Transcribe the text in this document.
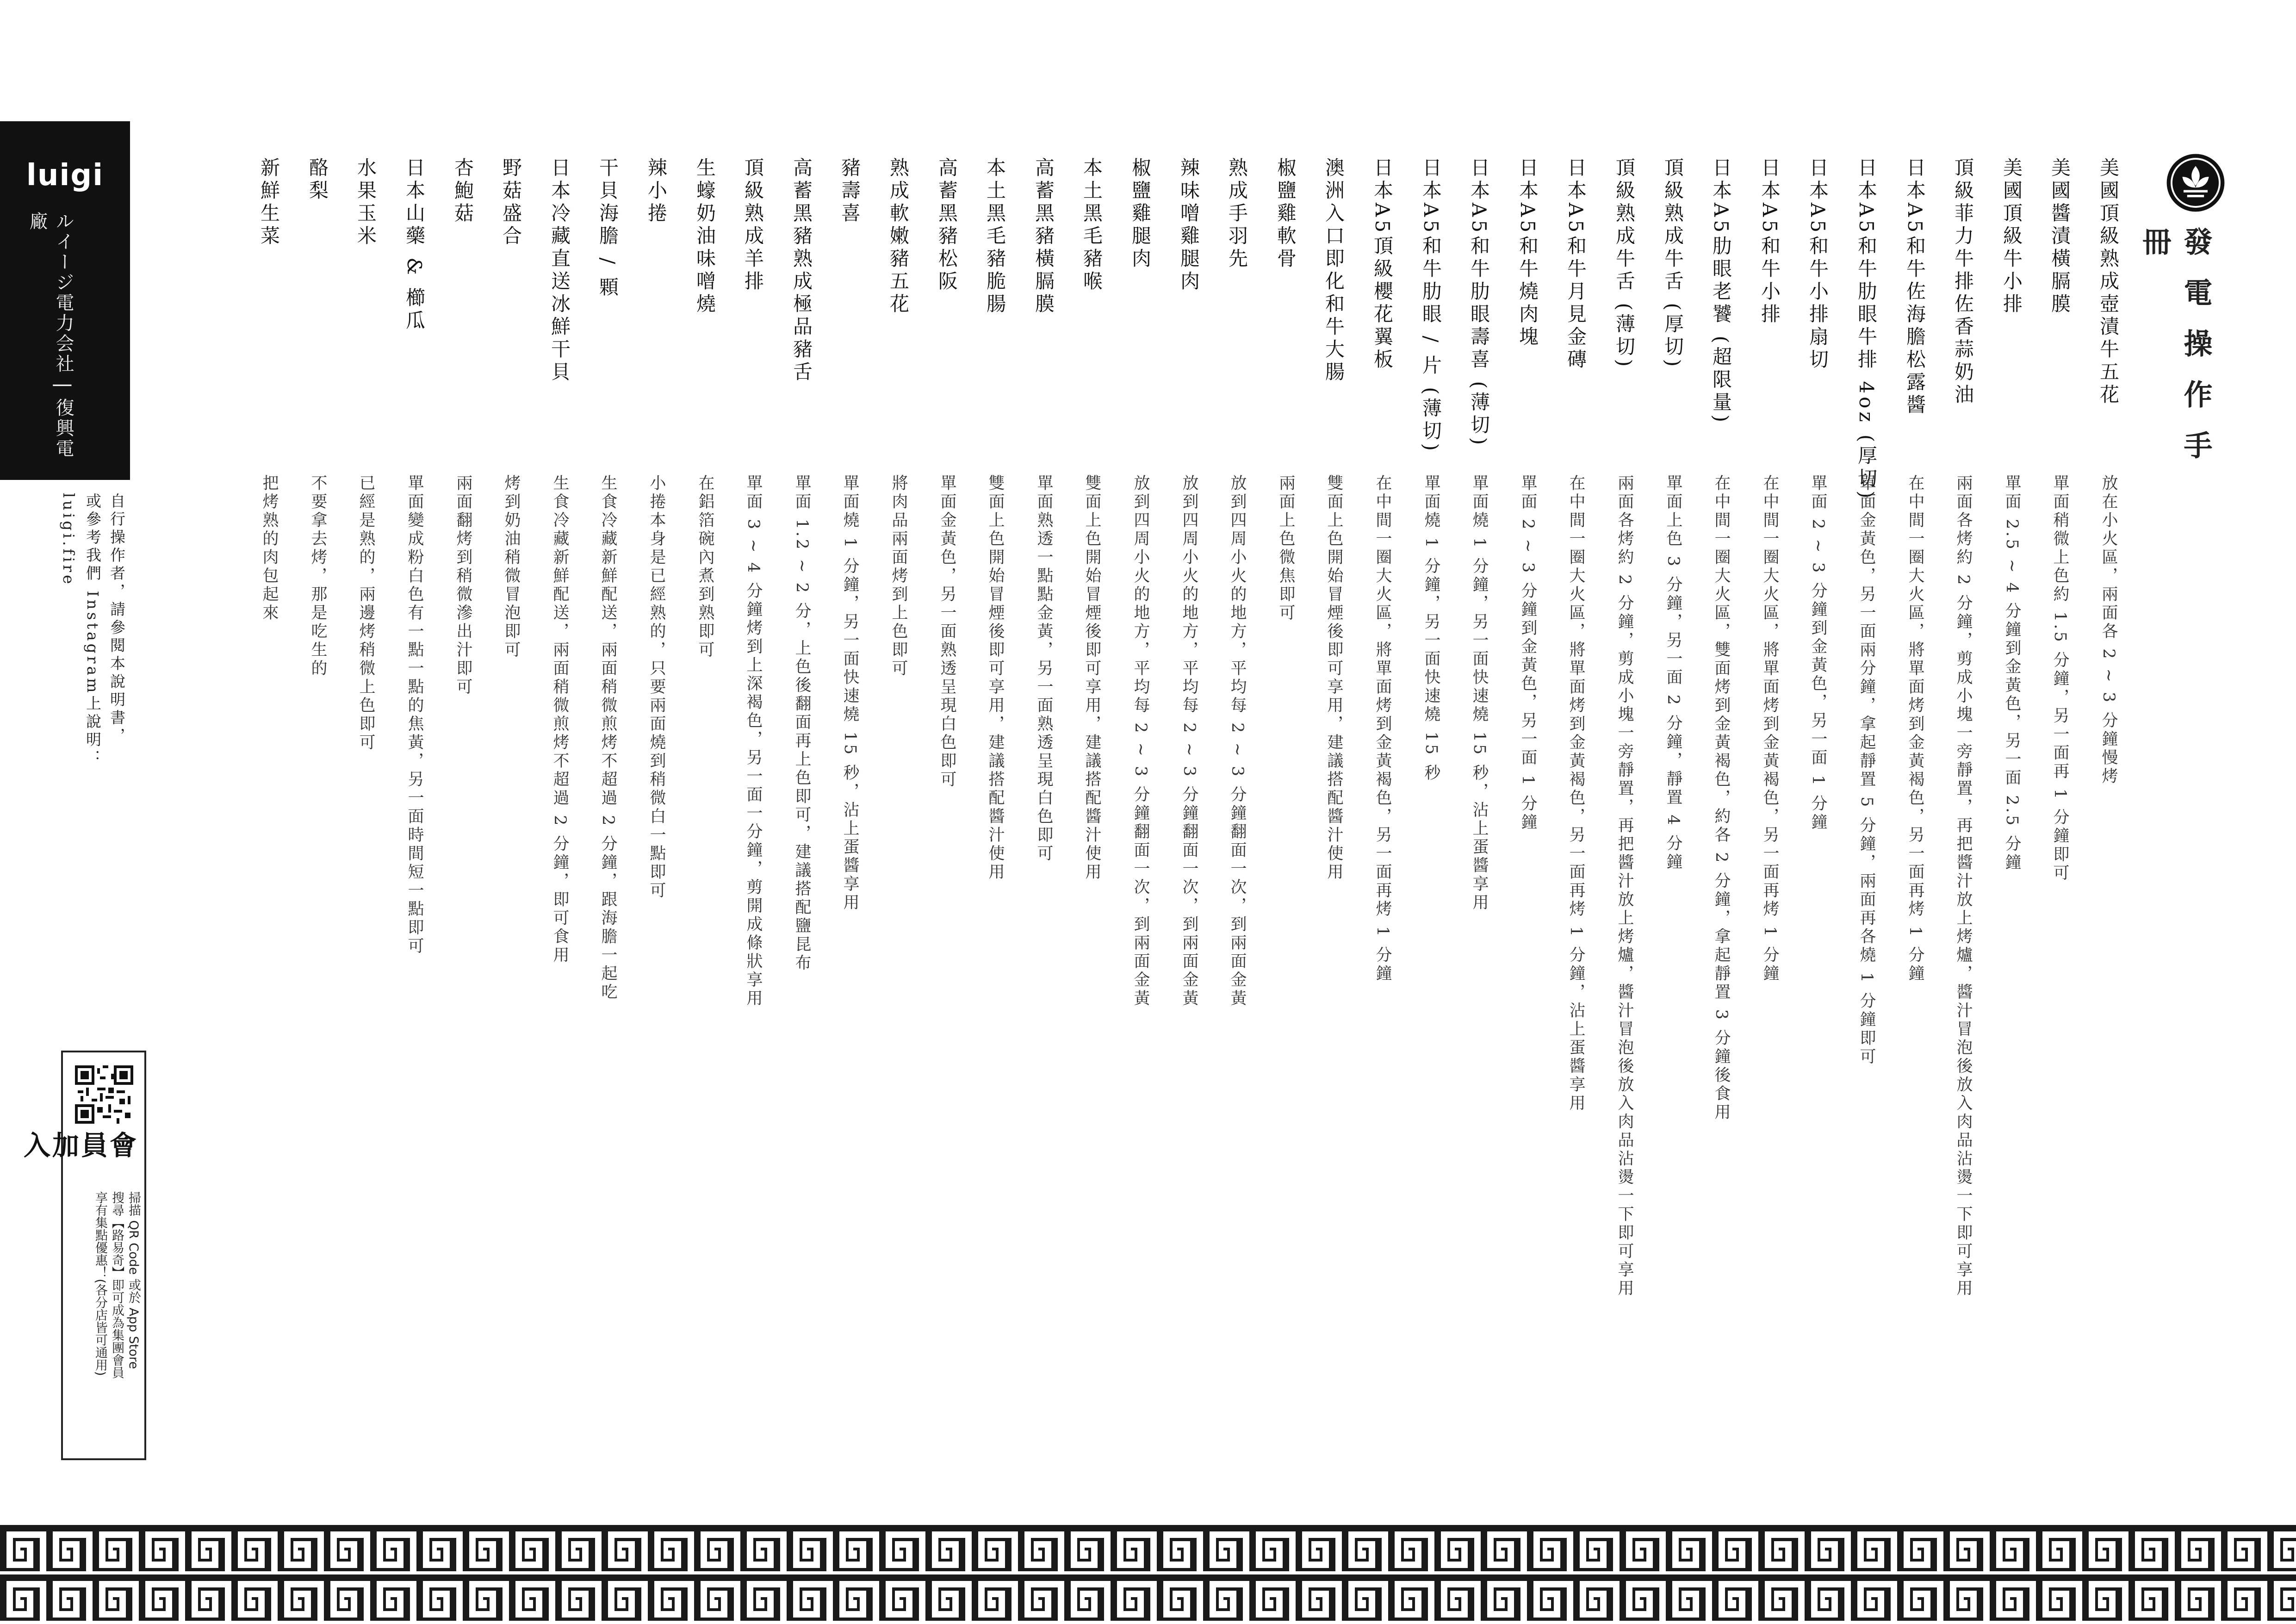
luigi
ルイージ電力会社 | 復興電廠
自行操作者，請參閱本說明書，
或參考我們 Instagram上說明：luigi.fire
會員
加入
掃描 QR Code 或於 App Store
搜尋【路易奇】即可成為集團會員
享有集點優惠！(各分店皆可通用)
發電操作手冊
美國頂級熟成壺漬牛五花
放在小火區，兩面各 2 ~ 3 分鐘慢烤
美國醬漬橫膈膜
單面稍微上色約 1.5 分鐘，另一面再 1 分鐘即可
美國頂級牛小排
單面 2.5 ~ 4 分鐘到金黃色，另一面 2.5 分鐘
頂級菲力牛排佐香蒜奶油
兩面各烤約 2 分鐘，剪成小塊一旁靜置，再把醬汁放上烤爐，醬汁冒泡後放入肉品沾燙一下即可享用
日本A5和牛佐海膽松露醬
在中間一圈大火區，將單面烤到金黃褐色，另一面再烤 1 分鐘
日本A5和牛肋眼牛排 4oz (厚切)
單面金黃色，另一面兩分鐘，拿起靜置 5 分鐘，兩面再各燒 1 分鐘即可
日本A5和牛小排扇切
單面 2 ~ 3 分鐘到金黃色，另一面 1 分鐘
日本A5和牛小排
在中間一圈大火區，將單面烤到金黃褐色，另一面再烤 1 分鐘
日本A5肋眼老饕 (超限量)
在中間一圈大火區，雙面烤到金黃褐色，約各 2 分鐘，拿起靜置 3 分鐘後食用
頂級熟成牛舌 (厚切)
單面上色 3 分鐘，另一面 2 分鐘，靜置 4 分鐘
頂級熟成牛舌 (薄切)
兩面各烤約 2 分鐘，剪成小塊一旁靜置，再把醬汁放上烤爐，醬汁冒泡後放入肉品沾燙一下即可享用
日本A5和牛月見金磚
在中間一圈大火區，將單面烤到金黃褐色，另一面再烤 1 分鐘，沾上蛋醬享用
日本A5和牛燒肉塊
單面 2 ~ 3 分鐘到金黃色，另一面 1 分鐘
日本A5和牛肋眼壽喜 (薄切)
單面燒 1 分鐘，另一面快速燒 15 秒，沾上蛋醬享用
日本A5和牛肋眼 / 片 (薄切)
單面燒 1 分鐘，另一面快速燒 15 秒
日本A5頂級櫻花翼板
在中間一圈大火區，將單面烤到金黃褐色，另一面再烤 1 分鐘
澳洲入口即化和牛大腸
雙面上色開始冒煙後即可享用，建議搭配醬汁使用
椒鹽雞軟骨
兩面上色微焦即可
熟成手羽先
放到四周小火的地方，平均每 2 ~ 3 分鐘翻面一次，到兩面金黃
辣味噌雞腿肉
放到四周小火的地方，平均每 2 ~ 3 分鐘翻面一次，到兩面金黃
椒鹽雞腿肉
放到四周小火的地方，平均每 2 ~ 3 分鐘翻面一次，到兩面金黃
本土黑毛豬喉
雙面上色開始冒煙後即可享用，建議搭配醬汁使用
高蓄黑豬橫膈膜
單面熟透一點點金黃，另一面熟透呈現白色即可
本土黑毛豬脆腸
雙面上色開始冒煙後即可享用，建議搭配醬汁使用
高蓄黑豬松阪
單面金黃色，另一面熟透呈現白色即可
熟成軟嫩豬五花
將肉品兩面烤到上色即可
豬壽喜
單面燒 1 分鐘，另一面快速燒 15 秒，沾上蛋醬享用
高蓄黑豬熟成極品豬舌
單面 1.2 ~ 2 分，上色後翻面再上色即可，建議搭配鹽昆布
頂級熟成羊排
單面 3 ~ 4 分鐘烤到上深褐色，另一面一分鐘，剪開成條狀享用
生蠔奶油味噌燒
在鋁箔碗內煮到熟即可
辣小捲
小捲本身是已經熟的，只要兩面燒到稍微白一點即可
干貝海膽 / 顆
生食冷藏新鮮配送，兩面稍微煎烤不超過 2 分鐘，跟海膽一起吃
日本冷藏直送冰鮮干貝
生食冷藏新鮮配送，兩面稍微煎烤不超過 2 分鐘，即可食用
野菇盛合
烤到奶油稍微冒泡即可
杏鮑菇
兩面翻烤到稍微滲出汁即可
日本山藥 & 櫛瓜
單面變成粉白色有一點一點的焦黃，另一面時間短一點即可
水果玉米
已經是熟的，兩邊烤稍微上色即可
酪梨
不要拿去烤，那是吃生的
新鮮生菜
把烤熟的肉包起來
